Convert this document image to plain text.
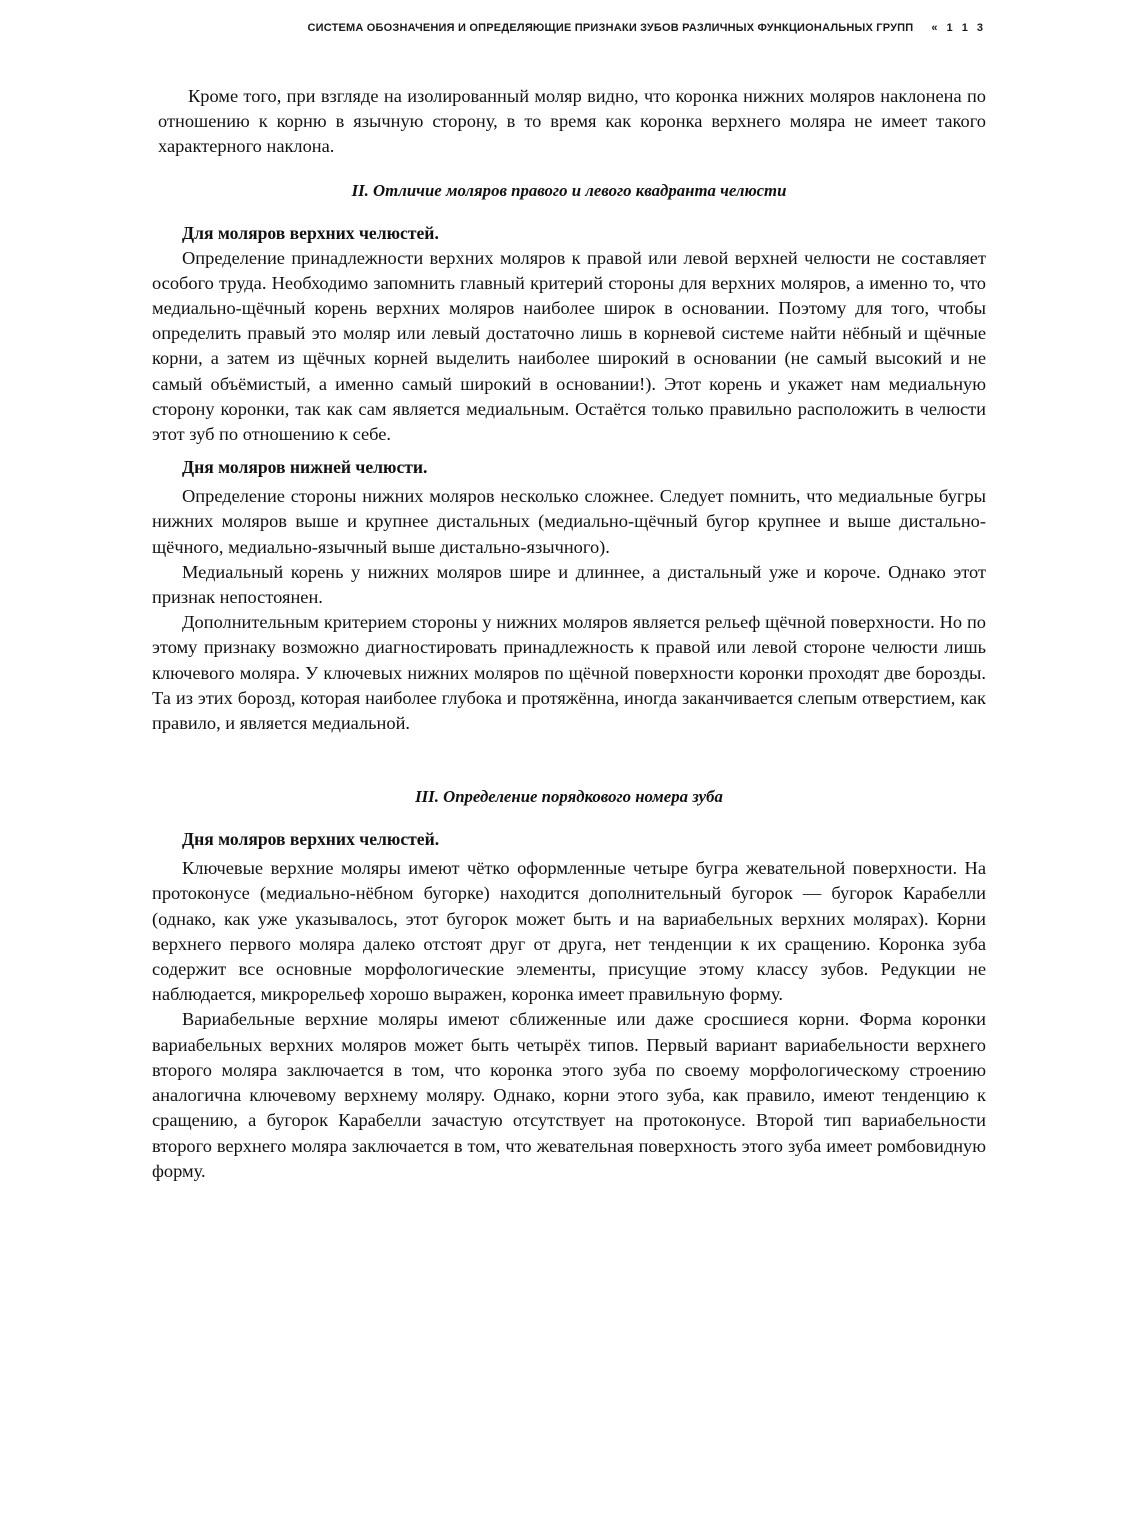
СИСТЕМА ОБОЗНАЧЕНИЯ И ОПРЕДЕЛЯЮЩИЕ ПРИЗНАКИ ЗУБОВ РАЗЛИЧНЫХ ФУНКЦИОНАЛЬНЫХ ГРУПП « 1 1 3

Кроме того, при взгляде на изолированный моляр видно, что коронка нижних моляров наклонена по отношению к корню в язычную сторону, в то время как коронка верхнего моляра не имеет такого характерного наклона.

II. Отличие моляров правого и левого квадранта челюсти
Для моляров верхних челюстей.

Определение принадлежности верхних моляров к правой или левой верхней челюсти не составляет особого труда. Необходимо запомнить главный критерий стороны для верхних моляров, а именно то, что медиально-щёчный корень верхних моляров наиболее широк в основании. Поэтому для того, чтобы определить правый это моляр или левый достаточно лишь в корневой системе найти нёбный и щёчные корни, а затем из щёчных корней выделить наиболее широкий в основании (не самый высокий и не самый объёмистый, а именно самый широкий в основании!). Этот корень и укажет нам медиальную сторону коронки, так как сам является медиальным. Остаётся только правильно расположить в челюсти этот зуб по отношению к себе.

Дня моляров нижней челюсти.

Определение стороны нижних моляров несколько сложнее. Следует помнить, что медиальные бугры нижних моляров выше и крупнее дистальных (медиально-щёчный бугор крупнее и выше дистально-щёчного, медиально-язычный выше дистально-язычного).

Медиальный корень у нижних моляров шире и длиннее, а дистальный уже и короче. Однако этот признак непостоянен.

Дополнительным критерием стороны у нижних моляров является рельеф щёчной поверхности. Но по этому признаку возможно диагностировать принадлежность к правой или левой стороне челюсти лишь ключевого моляра. У ключевых нижних моляров по щёчной поверхности коронки проходят две борозды. Та из этих борозд, которая наиболее глубока и протяжённа, иногда заканчивается слепым отверстием, как правило, и является медиальной.

III. Определение порядкового номера зуба
Дня моляров верхних челюстей.

Ключевые верхние моляры имеют чётко оформленные четыре бугра жевательной поверхности. На протоконусе (медиально-нёбном бугорке) находится дополнительный бугорок — бугорок Карабелли (однако, как уже указывалось, этот бугорок может быть и на вариабельных верхних молярах). Корни верхнего первого моляра далеко отстоят друг от друга, нет тенденции к их сращению. Коронка зуба содержит все основные морфологические элементы, присущие этому классу зубов. Редукции не наблюдается, микрорельеф хорошо выражен, коронка имеет правильную форму.

Вариабельные верхние моляры имеют сближенные или даже сросшиеся корни. Форма коронки вариабельных верхних моляров может быть четырёх типов. Первый вариант вариабельности верхнего второго моляра заключается в том, что коронка этого зуба по своему морфологическому строению аналогична ключевому верхнему моляру. Однако, корни этого зуба, как правило, имеют тенденцию к сращению, а бугорок Карабелли зачастую отсутствует на протоконусе. Второй тип вариабельности второго верхнего моляра заключается в том, что жевательная поверхность этого зуба имеет ромбовидную форму.
